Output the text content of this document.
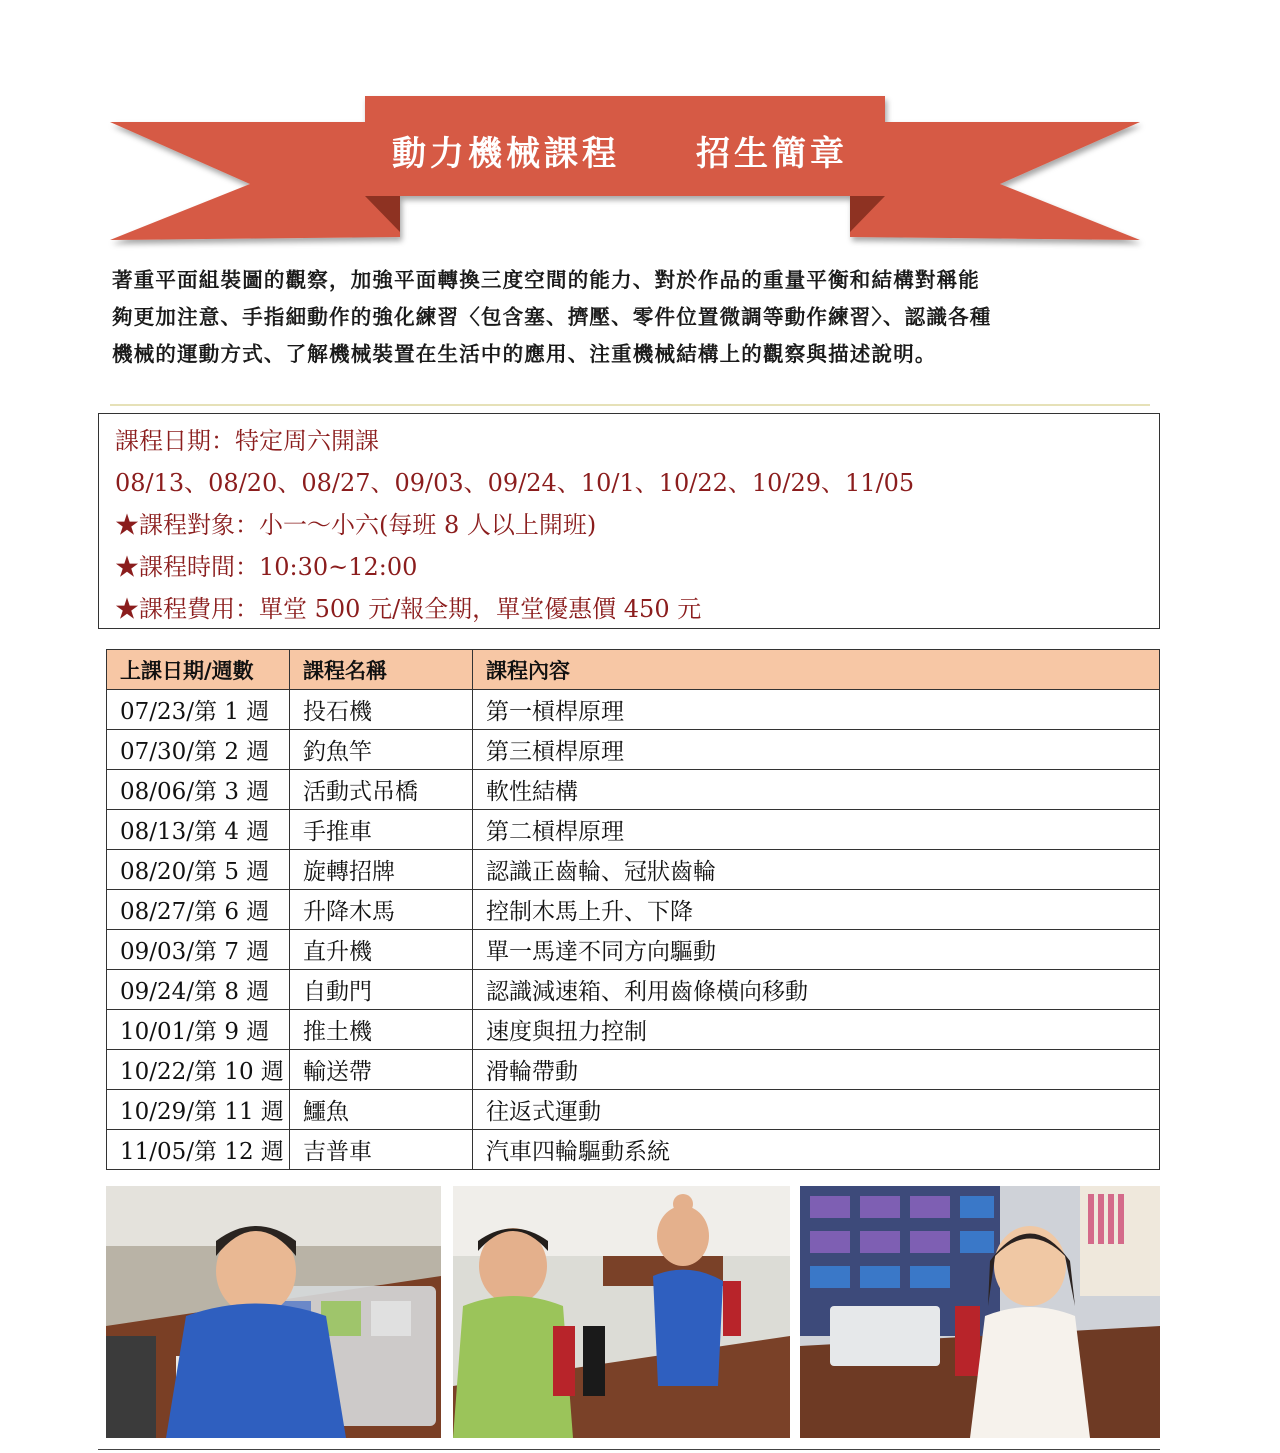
動力機械課程　　招生簡章

著重平面組裝圖的觀察，加強平面轉換三度空間的能力、對於作品的重量平衡和結構對稱能

夠更加注意、手指細動作的強化練習〈包含塞、擠壓、零件位置微調等動作練習〉、認識各種

機械的運動方式、了解機械裝置在生活中的應用、注重機械結構上的觀察與描述說明。

課程日期：特定周六開課
08/13、08/20、08/27、09/03、09/24、10/1、10/22、10/29、11/05
★課程對象：小一～小六(每班 8 人以上開班)
★課程時間：10:30~12:00
★課程費用：單堂 500 元/報全期，單堂優惠價 450 元
上課日期/週數	課程名稱	課程內容
07/23/第 1 週	投石機	第一槓桿原理
07/30/第 2 週	釣魚竿	第三槓桿原理
08/06/第 3 週	活動式吊橋	軟性結構
08/13/第 4 週	手推車	第二槓桿原理
08/20/第 5 週	旋轉招牌	認識正齒輪、冠狀齒輪
08/27/第 6 週	升降木馬	控制木馬上升、下降
09/03/第 7 週	直升機	單一馬達不同方向驅動
09/24/第 8 週	自動門	認識減速箱、利用齒條橫向移動
10/01/第 9 週	推土機	速度與扭力控制
10/22/第 10 週	輸送帶	滑輪帶動
10/29/第 11 週	鱷魚	往返式運動
11/05/第 12 週	吉普車	汽車四輪驅動系統
